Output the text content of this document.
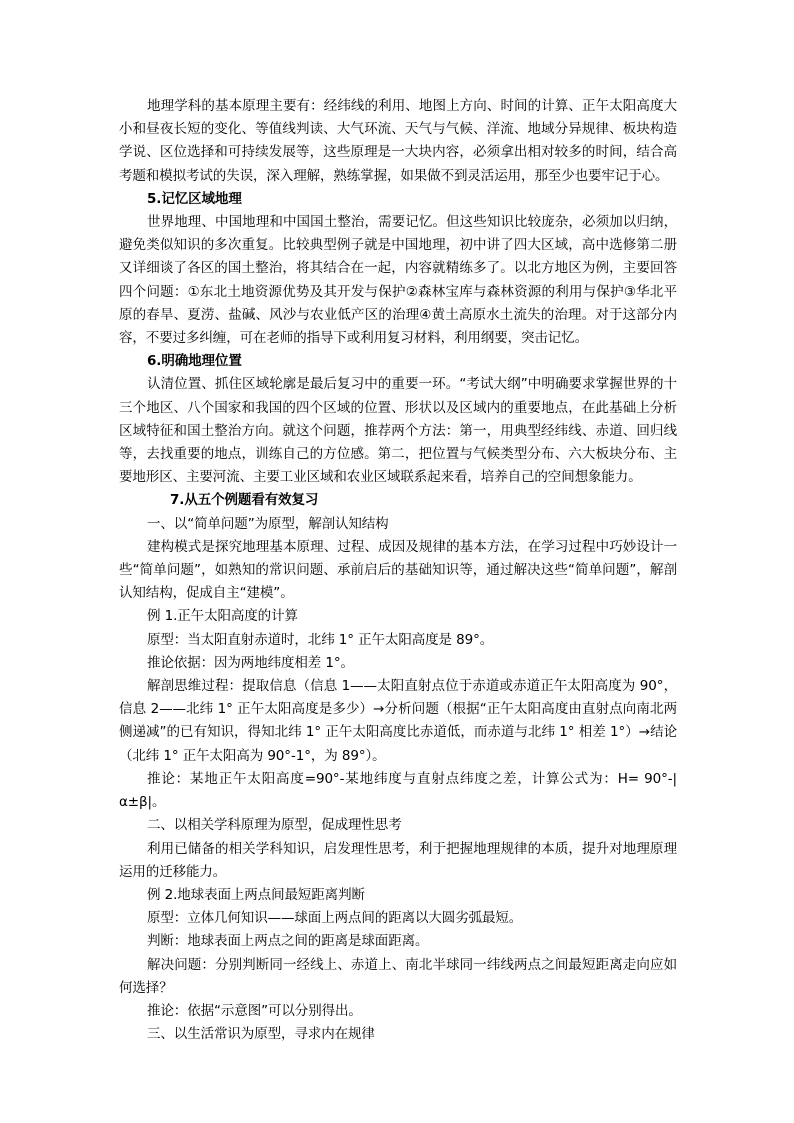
地理学科的基本原理主要有：经纬线的利用、地图上方向、时间的计算、正午太阳高度大小和昼夜长短的变化、等值线判读、大气环流、天气与气候、洋流、地域分异规律、板块构造学说、区位选择和可持续发展等，这些原理是一大块内容，必须拿出相对较多的时间，结合高考题和模拟考试的失误，深入理解，熟练掌握，如果做不到灵活运用，那至少也要牢记于心。

5.记忆区域地理

世界地理、中国地理和中国国土整治，需要记忆。但这些知识比较庞杂，必须加以归纳，避免类似知识的多次重复。比较典型例子就是中国地理，初中讲了四大区域，高中选修第二册又详细谈了各区的国土整治，将其结合在一起，内容就精练多了。以北方地区为例，主要回答四个问题：①东北土地资源优势及其开发与保护②森林宝库与森林资源的利用与保护③华北平原的春旱、夏涝、盐碱、风沙与农业低产区的治理④黄土高原水土流失的治理。对于这部分内容，不要过多纠缠，可在老师的指导下或利用复习材料，利用纲要，突击记忆。

6.明确地理位置

认清位置、抓住区域轮廓是最后复习中的重要一环。“考试大纲”中明确要求掌握世界的十三个地区、八个国家和我国的四个区域的位置、形状以及区域内的重要地点，在此基础上分析区域特征和国土整治方向。就这个问题，推荐两个方法：第一，用典型经纬线、赤道、回归线等，去找重要的地点，训练自己的方位感。第二，把位置与气候类型分布、六大板块分布、主要地形区、主要河流、主要工业区域和农业区域联系起来看，培养自己的空间想象能力。

7.从五个例题看有效复习

一、以“简单问题”为原型，解剖认知结构

建构模式是探究地理基本原理、过程、成因及规律的基本方法，在学习过程中巧妙设计一些“简单问题”，如熟知的常识问题、承前启后的基础知识等，通过解决这些“简单问题”，解剖认知结构，促成自主“建模”。

例 1.正午太阳高度的计算

原型：当太阳直射赤道时，北纬 1° 正午太阳高度是 89°。

推论依据：因为两地纬度相差 1°。

解剖思维过程：提取信息（信息 1——太阳直射点位于赤道或赤道正午太阳高度为 90°，信息 2——北纬 1° 正午太阳高度是多少）→分析问题（根据“正午太阳高度由直射点向南北两侧递减”的已有知识，得知北纬 1° 正午太阳高度比赤道低，而赤道与北纬 1° 相差 1°）→结论（北纬 1° 正午太阳高为 90°-1°，为 89°）。

推论：某地正午太阳高度=90°-某地纬度与直射点纬度之差，计算公式为：H= 90°-|α±β|。

二、以相关学科原理为原型，促成理性思考

利用已储备的相关学科知识，启发理性思考，利于把握地理规律的本质，提升对地理原理运用的迁移能力。

例 2.地球表面上两点间最短距离判断

原型：立体几何知识——球面上两点间的距离以大圆劣弧最短。

判断：地球表面上两点之间的距离是球面距离。

解决问题：分别判断同一经线上、赤道上、南北半球同一纬线两点之间最短距离走向应如何选择？

推论：依据“示意图”可以分别得出。

三、以生活常识为原型，寻求内在规律
